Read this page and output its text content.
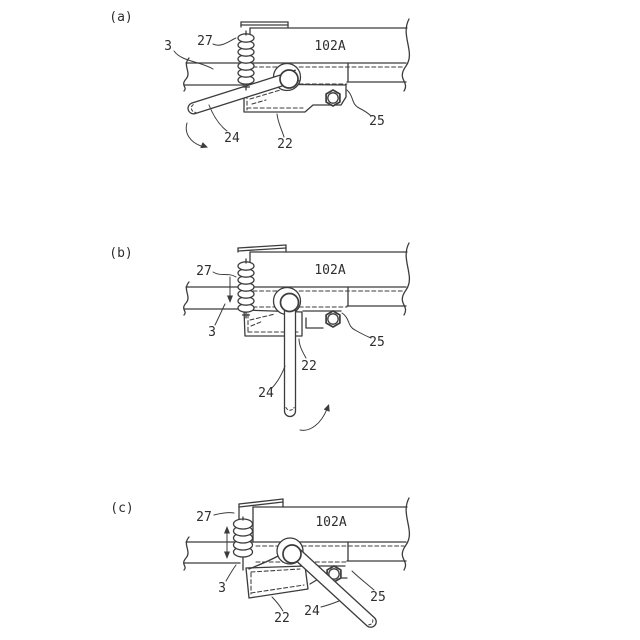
(a)
3 27	102A
24	22
25
(b)
27
3
102A
24
22
25
(c)
27
3
102A
22 24
25
